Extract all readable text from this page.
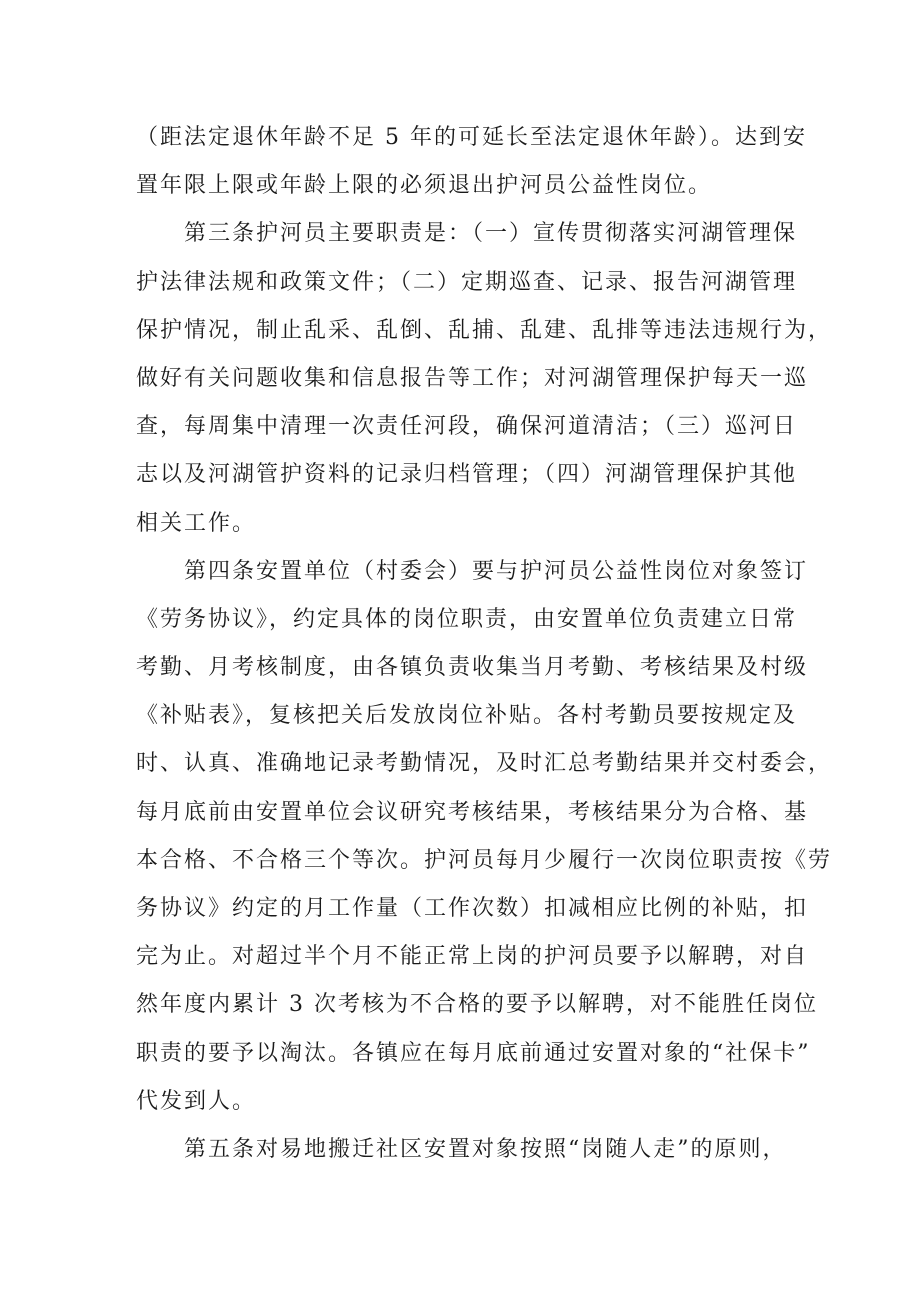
（距法定退休年龄不足 5 年的可延长至法定退休年龄）。达到安
置年限上限或年龄上限的必须退出护河员公益性岗位。
第三条护河员主要职责是：（一）宣传贯彻落实河湖管理保
护法律法规和政策文件；（二）定期巡查、记录、报告河湖管理
保护情况，制止乱采、乱倒、乱捕、乱建、乱排等违法违规行为，
做好有关问题收集和信息报告等工作；对河湖管理保护每天一巡
查，每周集中清理一次责任河段，确保河道清洁；（三）巡河日
志以及河湖管护资料的记录归档管理；（四）河湖管理保护其他
相关工作。
第四条安置单位（村委会）要与护河员公益性岗位对象签订
《劳务协议》，约定具体的岗位职责，由安置单位负责建立日常
考勤、月考核制度，由各镇负责收集当月考勤、考核结果及村级
《补贴表》，复核把关后发放岗位补贴。各村考勤员要按规定及
时、认真、准确地记录考勤情况，及时汇总考勤结果并交村委会，
每月底前由安置单位会议研究考核结果，考核结果分为合格、基
本合格、不合格三个等次。护河员每月少履行一次岗位职责按《劳
务协议》约定的月工作量（工作次数）扣减相应比例的补贴，扣
完为止。对超过半个月不能正常上岗的护河员要予以解聘，对自
然年度内累计 3 次考核为不合格的要予以解聘，对不能胜任岗位
职责的要予以淘汰。各镇应在每月底前通过安置对象的“社保卡”
代发到人。
第五条对易地搬迁社区安置对象按照“岗随人走”的原则，
